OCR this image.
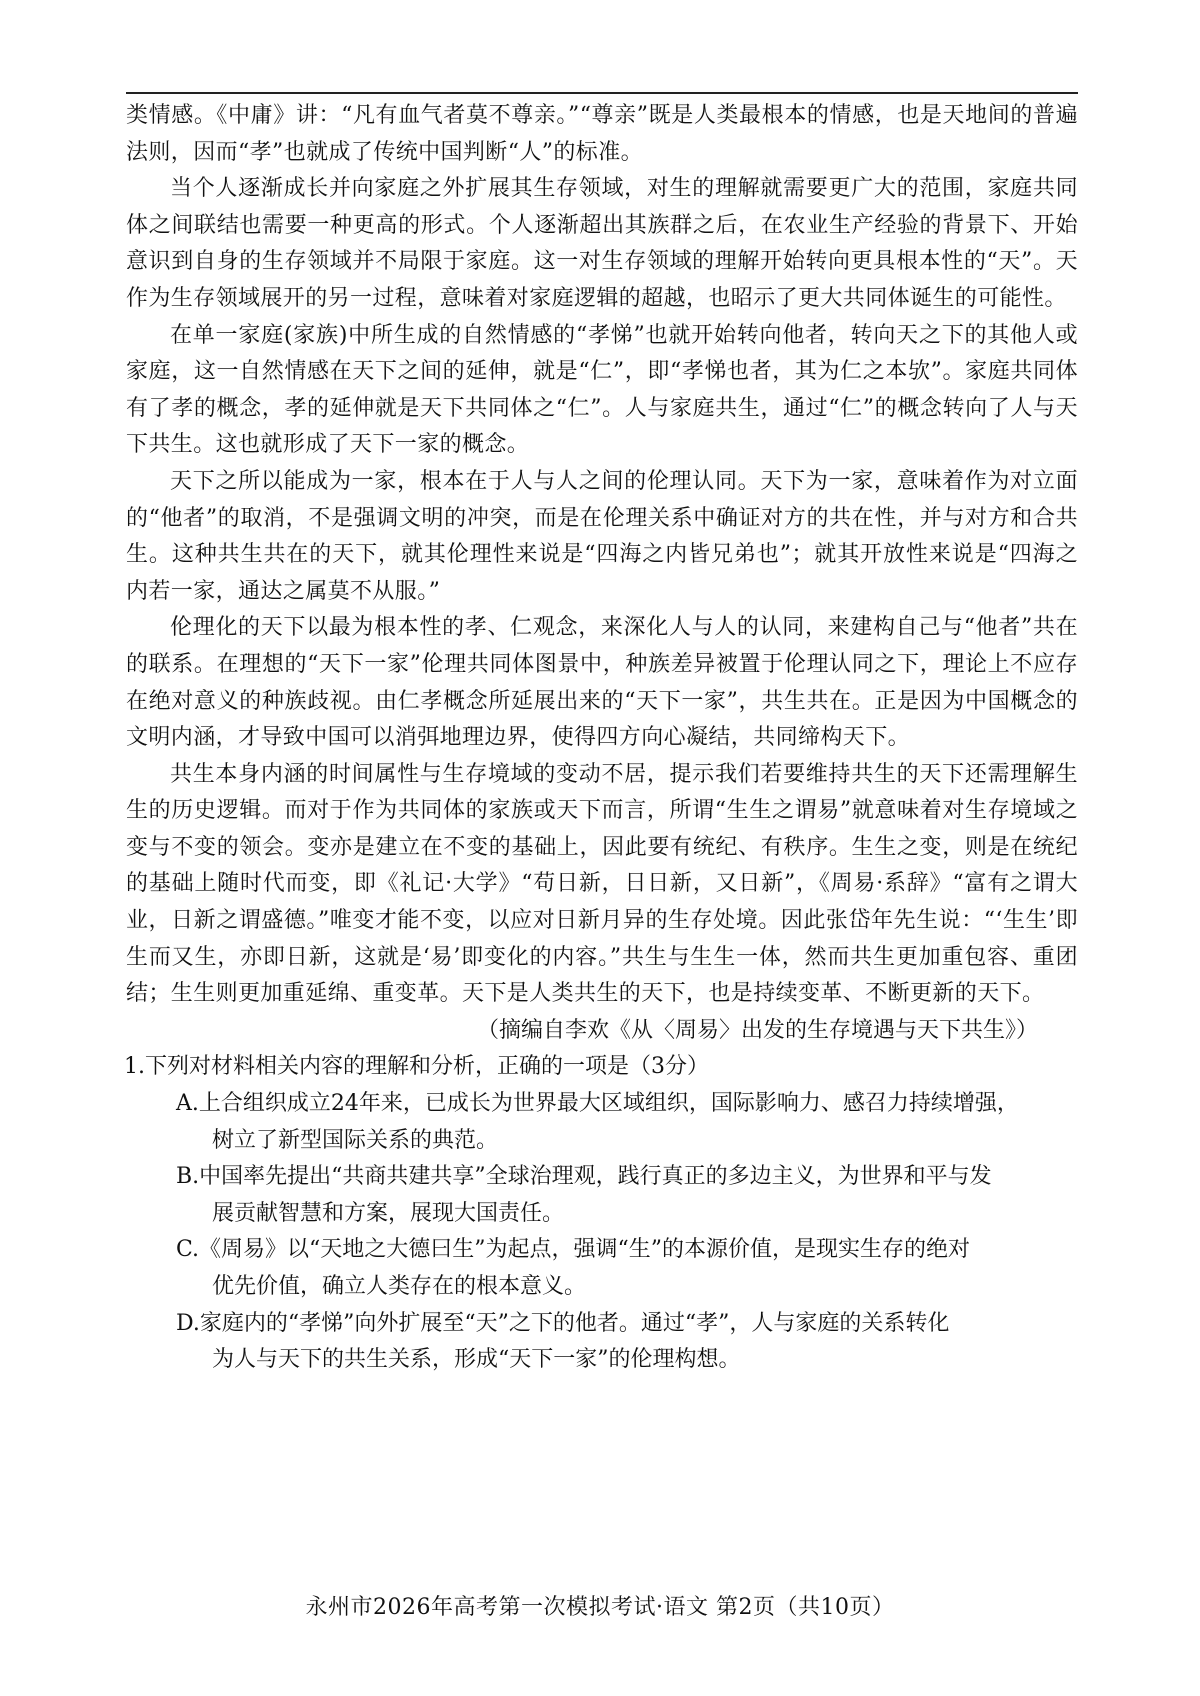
类情感。《中庸》讲：“凡有血气者莫不尊亲。”“尊亲”既是人类最根本的情感，也是天地间的普遍法则，因而“孝”也就成了传统中国判断“人”的标准。

当个人逐渐成长并向家庭之外扩展其生存领域，对生的理解就需要更广大的范围，家庭共同体之间联结也需要一种更高的形式。个人逐渐超出其族群之后，在农业生产经验的背景下、开始意识到自身的生存领域并不局限于家庭。这一对生存领域的理解开始转向更具根本性的“天”。天作为生存领域展开的另一过程，意味着对家庭逻辑的超越，也昭示了更大共同体诞生的可能性。

在单一家庭(家族)中所生成的自然情感的“孝悌”也就开始转向他者，转向天之下的其他人或家庭，这一自然情感在天下之间的延伸，就是“仁”，即“孝悌也者，其为仁之本欤”。家庭共同体有了孝的概念，孝的延伸就是天下共同体之“仁”。人与家庭共生，通过“仁”的概念转向了人与天下共生。这也就形成了天下一家的概念。

天下之所以能成为一家，根本在于人与人之间的伦理认同。天下为一家，意味着作为对立面的“他者”的取消，不是强调文明的冲突，而是在伦理关系中确证对方的共在性，并与对方和合共生。这种共生共在的天下，就其伦理性来说是“四海之内皆兄弟也”；就其开放性来说是“四海之内若一家，通达之属莫不从服。”

伦理化的天下以最为根本性的孝、仁观念，来深化人与人的认同，来建构自己与“他者”共在的联系。在理想的“天下一家”伦理共同体图景中，种族差异被置于伦理认同之下，理论上不应存在绝对意义的种族歧视。由仁孝概念所延展出来的“天下一家”，共生共在。正是因为中国概念的文明内涵，才导致中国可以消弭地理边界，使得四方向心凝结，共同缔构天下。

共生本身内涵的时间属性与生存境域的变动不居，提示我们若要维持共生的天下还需理解生生的历史逻辑。而对于作为共同体的家族或天下而言，所谓“生生之谓易”就意味着对生存境域之变与不变的领会。变亦是建立在不变的基础上，因此要有统纪、有秩序。生生之变，则是在统纪的基础上随时代而变，即《礼记·大学》“苟日新，日日新，又日新”，《周易·系辞》“富有之谓大业，日新之谓盛德。”唯变才能不变，以应对日新月异的生存处境。因此张岱年先生说：“‘生生’即生而又生，亦即日新，这就是‘易’即变化的内容。”共生与生生一体，然而共生更加重包容、重团结；生生则更加重延绵、重变革。天下是人类共生的天下，也是持续变革、不断更新的天下。

（摘编自李欢《从〈周易〉出发的生存境遇与天下共生》）

1.下列对材料相关内容的理解和分析，正确的一项是（3分）

A.上合组织成立24年来，已成长为世界最大区域组织，国际影响力、感召力持续增强，
树立了新型国际关系的典范。
B.中国率先提出“共商共建共享”全球治理观，践行真正的多边主义，为世界和平与发
展贡献智慧和方案，展现大国责任。
C.《周易》以“天地之大德曰生”为起点，强调“生”的本源价值，是现实生存的绝对
优先价值，确立人类存在的根本意义。
D.家庭内的“孝悌”向外扩展至“天”之下的他者。通过“孝”，人与家庭的关系转化
为人与天下的共生关系，形成“天下一家”的伦理构想。
永州市2026年高考第一次模拟考试·语文 第2页（共10页）
